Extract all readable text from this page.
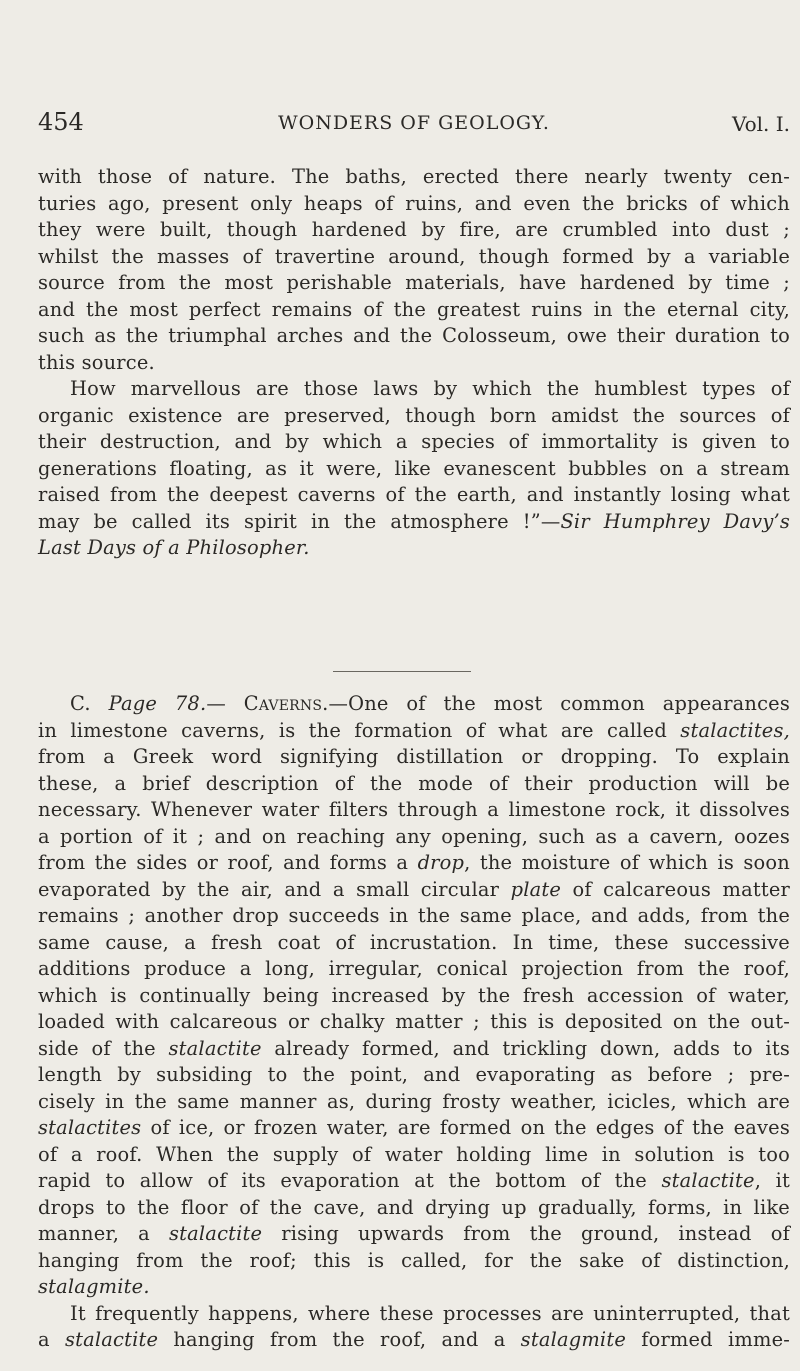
454	WONDERS OF GEOLOGY.	Vol. I.
with those of nature. The baths, erected there nearly twenty cen-
turies ago, present only heaps of ruins, and even the bricks of which
they were built, though hardened by fire, are crumbled into dust ;
whilst the masses of travertine around, though formed by a variable
source from the most perishable materials, have hardened by time ;
and the most perfect remains of the greatest ruins in the eternal city,
such as the triumphal arches and the Colosseum, owe their duration to
this source.
How marvellous are those laws by which the humblest types of
organic existence are preserved, though born amidst the sources of
their destruction, and by which a species of immortality is given to
generations floating, as it were, like evanescent bubbles on a stream
raised from the deepest caverns of the earth, and instantly losing what
may be called its spirit in the atmosphere !”—Sir Humphrey Davy’s
Last Days of a Philosopher.
C. Page 78.— Caverns.—One of the most common appearances
in limestone caverns, is the formation of what are called stalactites,
from a Greek word signifying distillation or dropping. To explain
these, a brief description of the mode of their production will be
necessary. Whenever water filters through a limestone rock, it dissolves
a portion of it ; and on reaching any opening, such as a cavern, oozes
from the sides or roof, and forms a drop, the moisture of which is soon
evaporated by the air, and a small circular plate of calcareous matter
remains ; another drop succeeds in the same place, and adds, from the
same cause, a fresh coat of incrustation. In time, these successive
additions produce a long, irregular, conical projection from the roof,
which is continually being increased by the fresh accession of water,
loaded with calcareous or chalky matter ; this is deposited on the out-
side of the stalactite already formed, and trickling down, adds to its
length by subsiding to the point, and evaporating as before ; pre-
cisely in the same manner as, during frosty weather, icicles, which are
stalactites of ice, or frozen water, are formed on the edges of the eaves
of a roof. When the supply of water holding lime in solution is too
rapid to allow of its evaporation at the bottom of the stalactite, it
drops to the floor of the cave, and drying up gradually, forms, in like
manner, a stalactite rising upwards from the ground, instead of
hanging from the roof; this is called, for the sake of distinction,
stalagmite.
It frequently happens, where these processes are uninterrupted, that
a stalactite hanging from the roof, and a stalagmite formed imme-
